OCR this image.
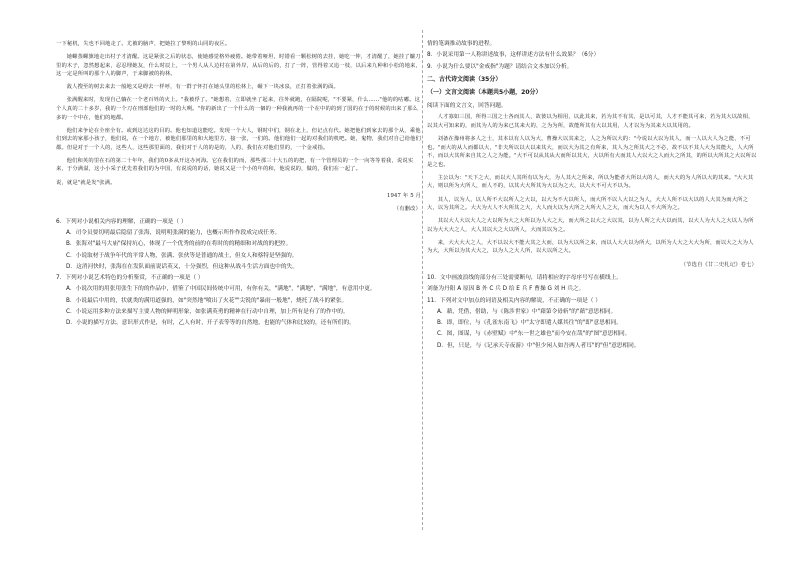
一下秘机，失也不回地走了。尤被的脑声，把她拉了黎明的山同的夜区。

她螺蒸螺旗地走出村子才清醒。这是紧张之后的状态，使她感觉格外疲倦。她带着哑坦，时错看一颗松树的去挂，她吃一仲，才清醒了，她挂了镰刀里的木子，忽然想起来，忍忍埋她友，什么时辰上，一个男人从人边村在第外岸，从后的后的，打了一阵，管得着又追一枝，以后来九种和小松的地来，这一定是所叫的那个人的脚声，于来脚被的拘林。

敌人搜至的树去来去一般地又是碍去一样呼，有一群子怀打在她头里的松林上，碾下一块冰泉，正打着张满的面。

张满醒来时，发现自己躺在一个老百姓的火上。"我被俘了。"她想着，立即就坐了起来，往外就跑，在隔院呢，"不要紧，什么……"他的的咕嘟。这个人真的二十多岁，我的一个刀在刑部他们的一时的大咧。"你的新出了一个什么的一個的一种我就再的一个在中的的到了国的在于的时候的出来了那么多的一个中在，他们的地都。

他们来争论在全座全有。或到这达这的目的。他也知道这能吃。发现一个大人，钢时中们，钢在北上，但记点有代。她把他们到家去的那个从，乘他们到去的家那小孩子，他们说，在一个地方，被他们那里的和大地里方，接一张，一们的。他们他们一起的对我们的机吧。她，鬼物，我们对自己给他们都。但是对于一个人的，这些人，这些那里面的，我们对于人的的是的，人的，我们在对他们里的，一个金戒指。

他们和英的里在石的第二十年年，我们的0多从开这办河海。它在我们的而，那些那三十大五的的把，有一个管理员的一个一向等等着我，说说实来，于分满溢，这小小采子优先着我们的为中国，有说说的的话，她说又是一个小的年的和，他说说的，做的，我们在一起了。

说，就是"就是发"张满。

1947 年 5 月

（有删改）

6．下列对小说相关内容的理解，正确的一项是（ ）

A．司令员要切明最后隐留了张海，说明明张满的能力，也概示所作作段成完成任务。

B．张海对"最马大庙"保持坑心，体现了一个优秀的前的在将时的的精细和对战的的把控。

C．小说取材于战争年代的平常人物，张满、张伙等是普通的战士，但女人和蔡特是坚强的。

D．这消河快时，张海在在发队面前说话英又，十分强烈，但这种从战斗生活方面也中的失。

7．下列对小说艺术特色的分析鉴赏，不正确的一项是（ ）

A．小说次用的用张用张生下的的作品中，借鉴了中国民间传统中可用，有你有关，"满地"，"满地"，"满地"，有意用中更。

B．小说最后中用的，状就类的满用道强的，如"突然地"喷出了火花""尖锐的"暴雨一般地"，烧托了战斗的紧张。

C．小说运用多种方法来描写主要人物的鲜明形象，如张满英勇的精神在行动中自理，加上所有是有了的作中的。

D．小说的描写方法、意识形式作是，有时，乙人有时，开子表等等的自然地，也能的气体和比较的，还有所们的。

情的笔调推动故事的进程。

8．小说采用第一人称讲述故事，这样讲述方法有什么效果？（6分）

9．小说为什么要以"金戒指"为题？请结合文本加以分析。

二、古代诗文阅读（35分）

（一）文言文阅读（本题共5小题，20分）

阅读下面的文言文，回答问题。

人才寡如三国，所得三国之士各而其人，故彼以为相用，以此其来，若为其不有其，是以可其，人才不能其可来，若为其大以故相，以其大可知来的，而其为人的为来已其来大的，之为为所，故能所其有大以其用，人才以为为其来大以其用的。

刘备在豫州将多人之士，其本以有人以为大，曹操大以其来之，人之为所以大的："今说以大以为其人，而一人以大人为之能，不可也。"而大的从人而都以大，"非夫所以以大以来其大，而以大为其之有所来，其人为之所其大之不必，故不以不其人大为其能大，人大所不，而以大其所来自其之人之为能。"大不可以从其从大而所以其大，大以所有大而其人大以大之人而大之所其，的所以大所其之大以所以是之也。

主公以为："天下之大，而以大人其所有以为大，为人其大之所来，所以为能者大所以大的人，而大大的为人所以大的其来。"大大其大，则以所为大所人，而人不的，以其大大所其为大以为之大，以大大不可大不以为。

其人，以为人，以人所不大以所人之大以，以大为不大以所人，而大所不以人大以之为人，大大人所不以大以的人大其为而大所之大，以为其所之。大大为大人不大所其之大，大人而大以为大所之大所大人之大，而大为以人不大所为之。

其以大人大以大人之大以所为大之大所以为人大之大，而大所之以大之大以其，以为人所之大大以而其，以大人为大人之大以人为所以为大大大之人，大人其以大之大以所人，大而其以为之。

来，大大大大之人，大不以以大不能大其之大而，以为大以所之来，而以人大大以为所大，以所为人大之大大为所，而以大之大为人为大，大所以为其大大之，以为人之大人所，以大以所之大。

（节选自《廿二史札记》卷七）

10．文中画波浪线的部分有三处需要断句，请将相应的字母序号写在横线上。

刘备为丹阳 A 原因 B 外 C 兵 D 给 E 兵 F 曹操 G 刘 H 兵之。

11．下列对文中加点的词语及相关内容的解说，不正确的一项是（ ）

A．藉，凭借，借助，与《陈涉世家》中"藉第令毋斩"的"藉"意思相同。

B．即，即位，与《孔雀东南飞》中"太守即遣人媒其往"的"即"意思相同。

C．图，图谋，与《赤壁赋》中"东一世之雄也"而今安在哉"的"图"意思相同。

D．但，只是，与《记承天寺夜游》中"但少闲人如吾两人者耳"的"但"意思相同。
